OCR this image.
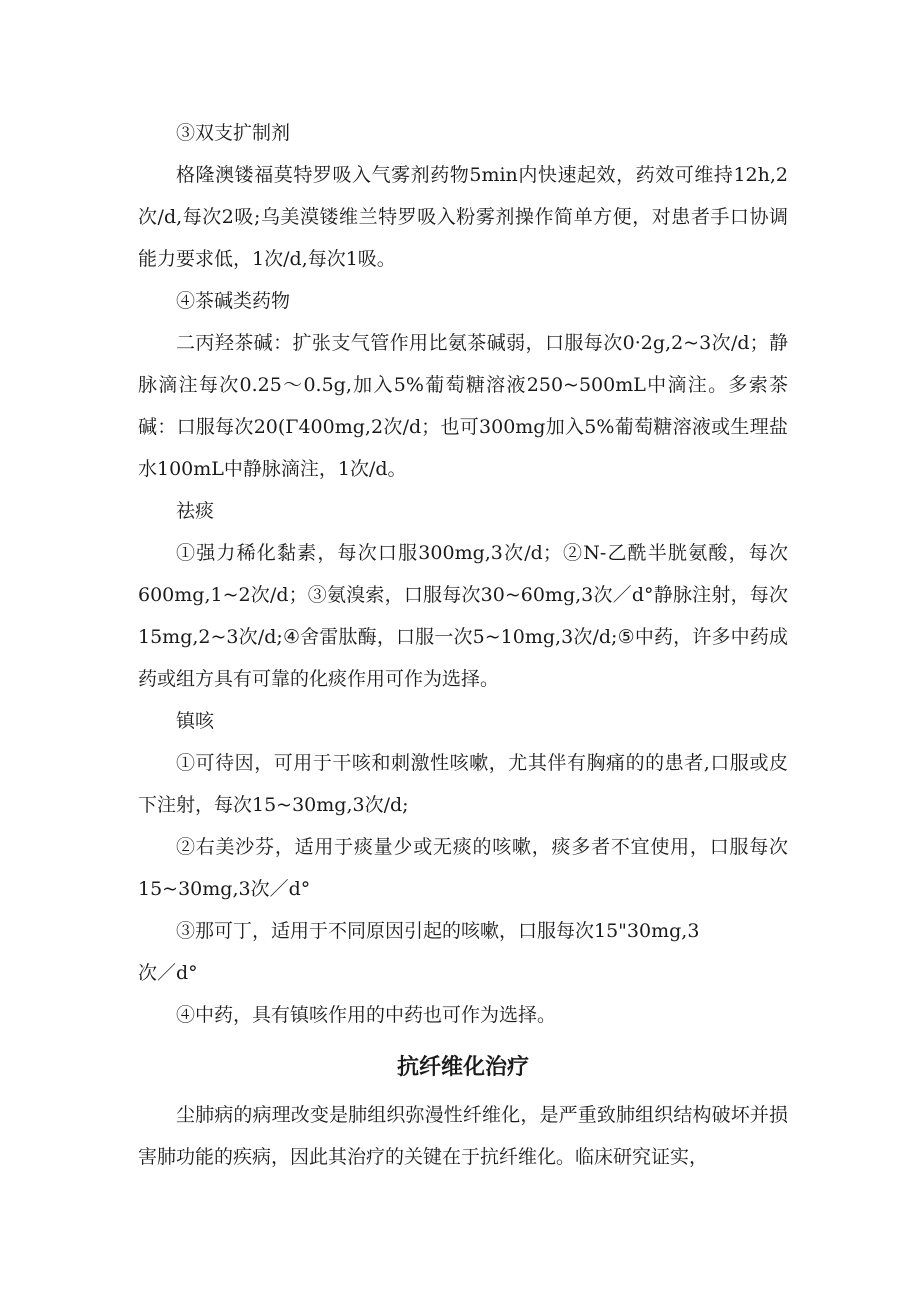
③双支扩制剂

格隆澳镂福莫特罗吸入气雾剂药物5min内快速起效，药效可维持12h,2次/d,每次2吸;乌美漠镂维兰特罗吸入粉雾剂操作简单方便，对患者手口协调能力要求低，1次/d,每次1吸。

④茶碱类药物

二丙羟茶碱：扩张支气管作用比氨茶碱弱，口服每次0·2g,2~3次/d；静脉滴注每次0.25～0.5g,加入5%葡萄糖溶液250~500mL中滴注。多索茶碱：口服每次20(Γ400mg,2次/d；也可300mg加入5%葡萄糖溶液或生理盐水100mL中静脉滴注，1次/d。

祛痰

①强力稀化黏素，每次口服300mg,3次/d；②N-乙酰半胱氨酸，每次600mg,1~2次/d；③氨溴索，口服每次30~60mg,3次／d°静脉注射，每次15mg,2~3次/d;④舍雷肽酶，口服一次5~10mg,3次/d;⑤中药，许多中药成药或组方具有可靠的化痰作用可作为选择。

镇咳

①可待因，可用于干咳和刺激性咳嗽，尤其伴有胸痛的的患者,口服或皮下注射，每次15~30mg,3次/d;

②右美沙芬，适用于痰量少或无痰的咳嗽，痰多者不宜使用，口服每次15~30mg,3次／d°

③那可丁，适用于不同原因引起的咳嗽，口服每次15"30mg,3

次／d°

④中药，具有镇咳作用的中药也可作为选择。

抗纤维化治疗

尘肺病的病理改变是肺组织弥漫性纤维化，是严重致肺组织结构破坏并损害肺功能的疾病，因此其治疗的关键在于抗纤维化。临床研究证实，
